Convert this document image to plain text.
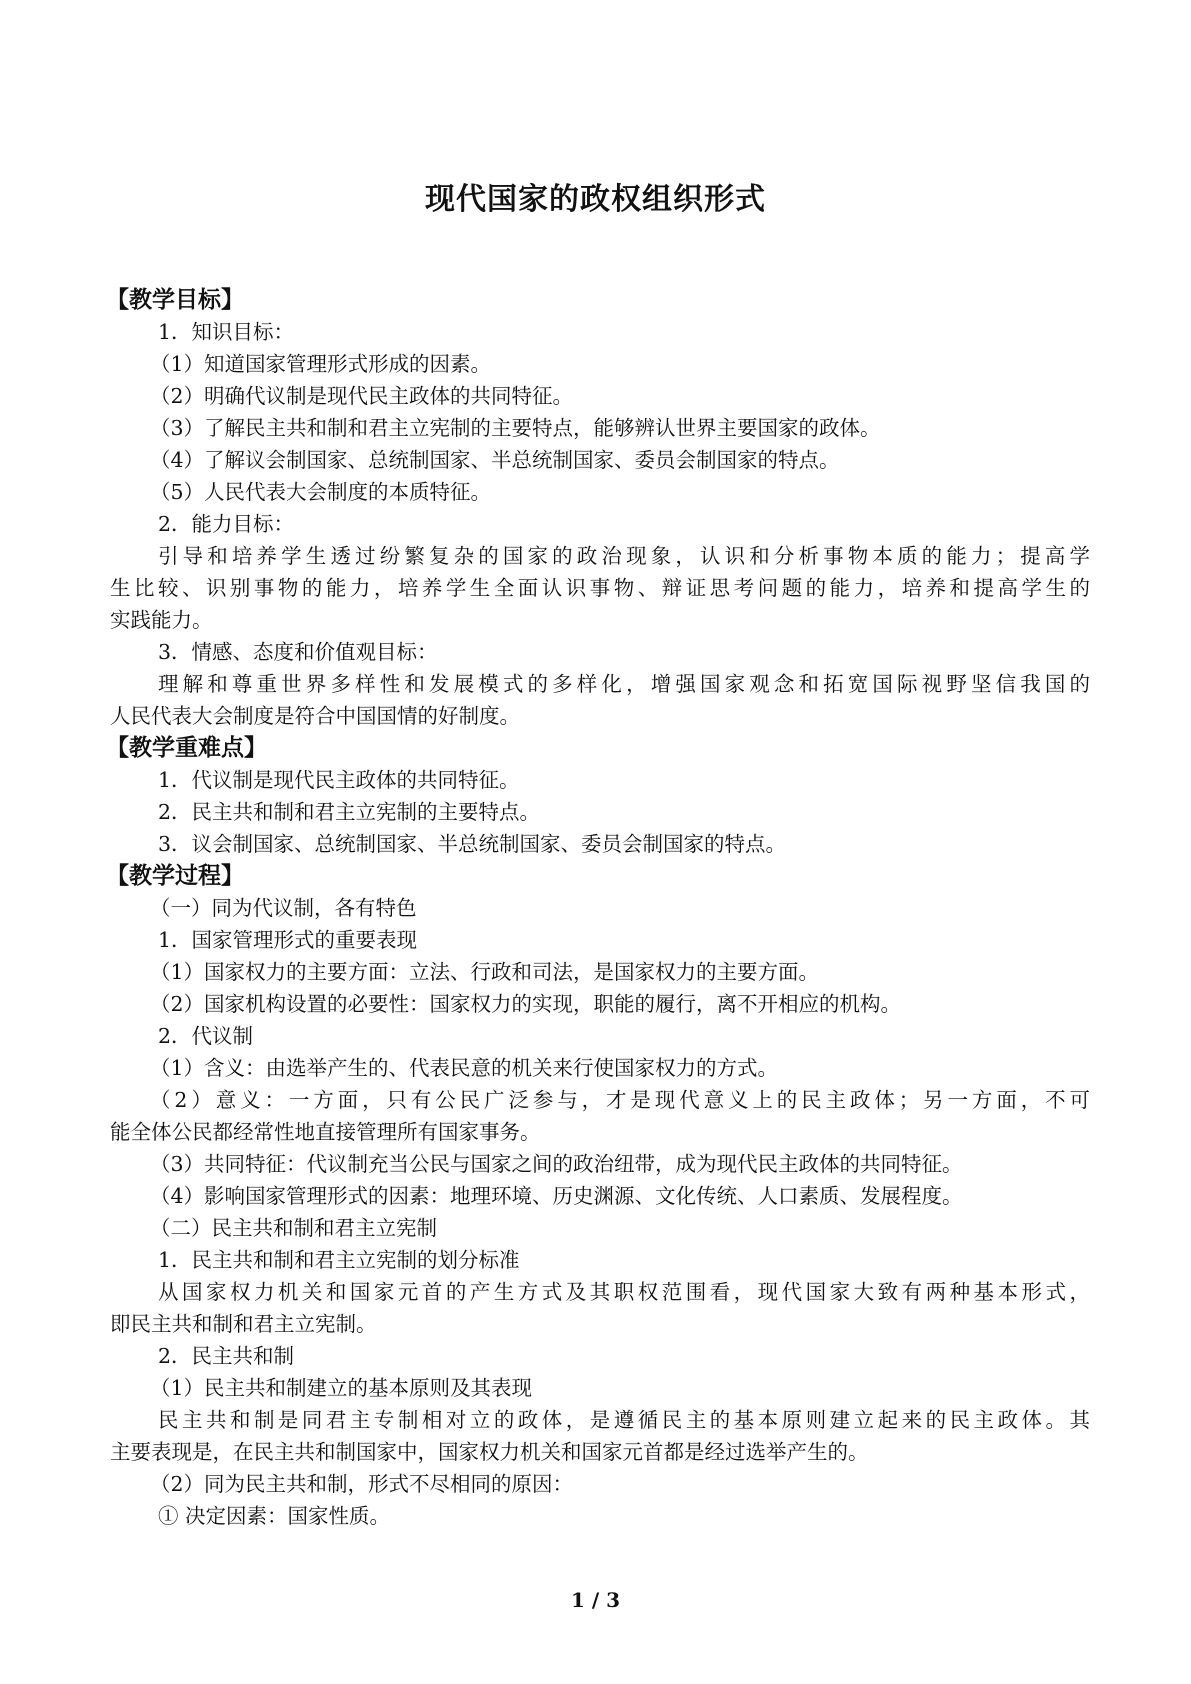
现代国家的政权组织形式
【教学目标】
1．知识目标：
（1）知道国家管理形式形成的因素。
（2）明确代议制是现代民主政体的共同特征。
（3）了解民主共和制和君主立宪制的主要特点，能够辨认世界主要国家的政体。
（4）了解议会制国家、总统制国家、半总统制国家、委员会制国家的特点。
（5）人民代表大会制度的本质特征。
2．能力目标：
引导和培养学生透过纷繁复杂的国家的政治现象，认识和分析事物本质的能力；提高学
生比较、识别事物的能力，培养学生全面认识事物、辩证思考问题的能力，培养和提高学生的
实践能力。
3．情感、态度和价值观目标：
理解和尊重世界多样性和发展模式的多样化，增强国家观念和拓宽国际视野坚信我国的
人民代表大会制度是符合中国国情的好制度。
【教学重难点】
1．代议制是现代民主政体的共同特征。
2．民主共和制和君主立宪制的主要特点。
3．议会制国家、总统制国家、半总统制国家、委员会制国家的特点。
【教学过程】
（一）同为代议制，各有特色
1．国家管理形式的重要表现
（1）国家权力的主要方面：立法、行政和司法，是国家权力的主要方面。
（2）国家机构设置的必要性：国家权力的实现，职能的履行，离不开相应的机构。
2．代议制
（1）含义：由选举产生的、代表民意的机关来行使国家权力的方式。
（2）意义：一方面，只有公民广泛参与，才是现代意义上的民主政体；另一方面，不可
能全体公民都经常性地直接管理所有国家事务。
（3）共同特征：代议制充当公民与国家之间的政治纽带，成为现代民主政体的共同特征。
（4）影响国家管理形式的因素：地理环境、历史渊源、文化传统、人口素质、发展程度。
（二）民主共和制和君主立宪制
1．民主共和制和君主立宪制的划分标准
从国家权力机关和国家元首的产生方式及其职权范围看，现代国家大致有两种基本形式，
即民主共和制和君主立宪制。
2．民主共和制
（1）民主共和制建立的基本原则及其表现
民主共和制是同君主专制相对立的政体，是遵循民主的基本原则建立起来的民主政体。其
主要表现是，在民主共和制国家中，国家权力机关和国家元首都是经过选举产生的。
（2）同为民主共和制，形式不尽相同的原因：
① 决定因素：国家性质。
1 / 3
